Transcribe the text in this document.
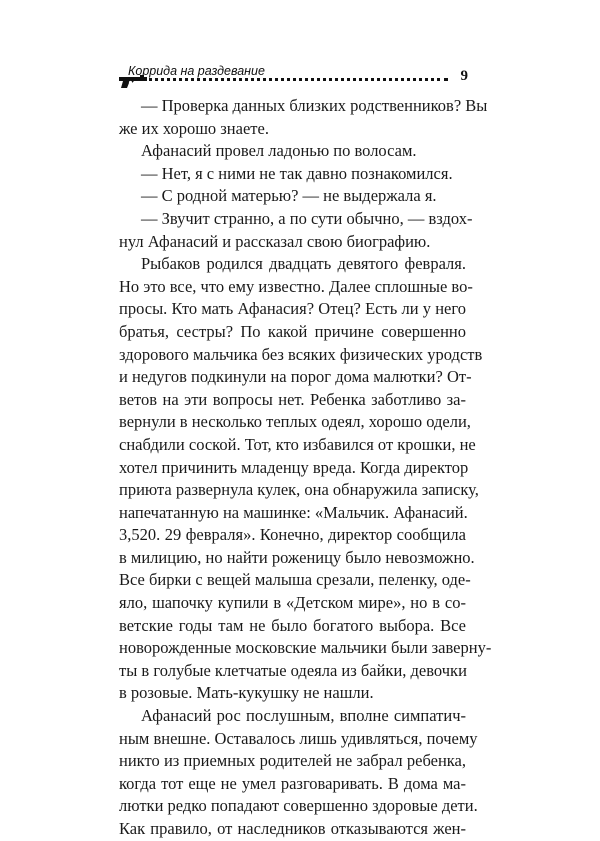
Коррида на раздевание	9

— Проверка данных близких родственников? Вы
же их хорошо знаете.

Афанасий провел ладонью по волосам.

— Нет, я с ними не так давно познакомился.

— С родной матерью? — не выдержала я.

— Звучит странно, а по сути обычно, — вздох-
нул Афанасий и рассказал свою биографию.

Рыбаков родился двадцать девятого февраля.
Но это все, что ему известно. Далее сплошные во-
просы. Кто мать Афанасия? Отец? Есть ли у него
братья, сестры? По какой причине совершенно
здорового мальчика без всяких физических уродств
и недугов подкинули на порог дома малютки? От-
ветов на эти вопросы нет. Ребенка заботливо за-
вернули в несколько теплых одеял, хорошо одели,
снабдили соской. Тот, кто избавился от крошки, не
хотел причинить младенцу вреда. Когда директор
приюта развернула кулек, она обнаружила записку,
напечатанную на машинке: «Мальчик. Афанасий.
3,520. 29 февраля». Конечно, директор сообщила
в милицию, но найти роженицу было невозможно.
Все бирки с вещей малыша срезали, пеленку, оде-
яло, шапочку купили в «Детском мире», но в со-
ветские годы там не было богатого выбора. Все
новорожденные московские мальчики были заверну-
ты в голубые клетчатые одеяла из байки, девочки
в розовые. Мать-кукушку не нашли.

Афанасий рос послушным, вполне симпатич-
ным внешне. Оставалось лишь удивляться, почему
никто из приемных родителей не забрал ребенка,
когда тот еще не умел разговаривать. В дома ма-
лютки редко попадают совершенно здоровые дети.
Как правило, от наследников отказываются жен-
